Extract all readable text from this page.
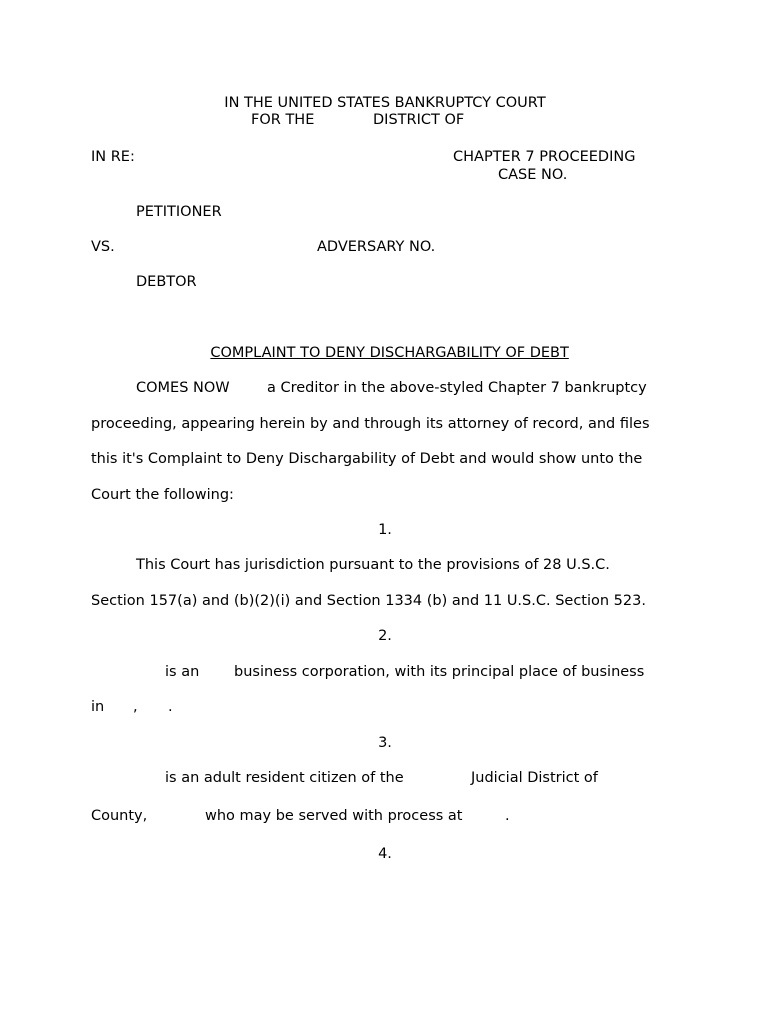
IN THE UNITED STATES BANKRUPTCY COURT
FOR THE	DISTRICT OF
IN RE:	CHAPTER 7 PROCEEDING
CASE NO.
PETITIONER
VS.	ADVERSARY NO.
DEBTOR

COMPLAINT TO DENY DISCHARGABILITY OF DEBT

COMES NOW	a Creditor in the above-styled Chapter 7 bankruptcy
proceeding, appearing herein by and through its attorney of record, and files
this it's Complaint to Deny Dischargability of Debt and would show unto the
Court the following:
1.
This Court has jurisdiction pursuant to the provisions of 28 U.S.C.
Section 157(a) and (b)(2)(i) and Section 1334 (b) and 11 U.S.C. Section 523.
2.
is an business corporation, with its principal place of business
in , .
3.
is an adult resident citizen of the	Judicial District of
County,	who may be served with process at	.
4.
